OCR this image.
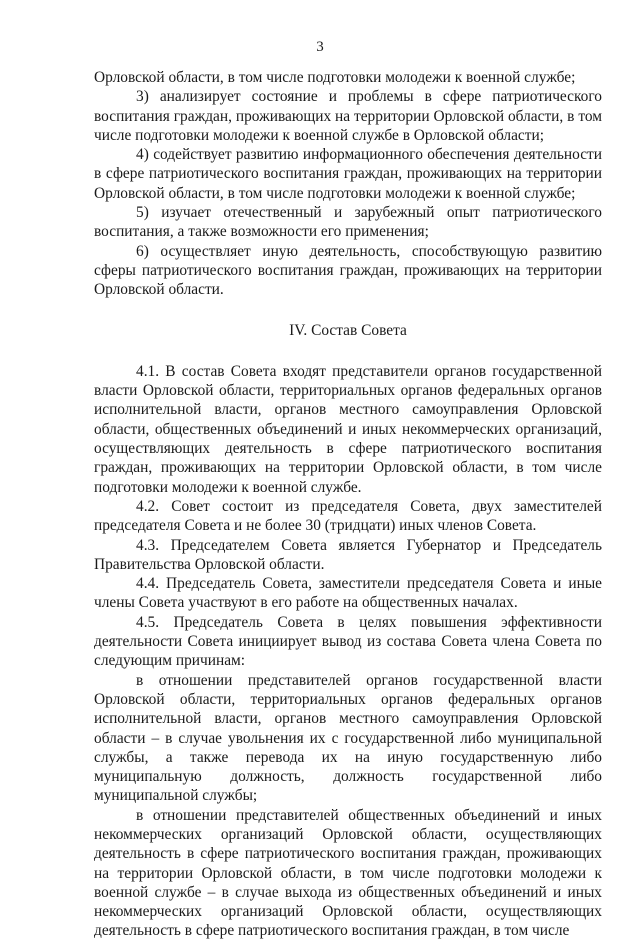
3

Орловской области, в том числе подготовки молодежи к военной службе;

3) анализирует состояние и проблемы в сфере патриотического воспитания граждан, проживающих на территории Орловской области, в том числе подготовки молодежи к военной службе в Орловской области;

4) содействует развитию информационного обеспечения деятельности в сфере патриотического воспитания граждан, проживающих на территории Орловской области, в том числе подготовки молодежи к военной службе;

5) изучает отечественный и зарубежный опыт патриотического воспитания, а также возможности его применения;

6) осуществляет иную деятельность, способствующую развитию сферы патриотического воспитания граждан, проживающих на территории Орловской области.

IV. Состав Совета

4.1. В состав Совета входят представители органов государственной власти Орловской области, территориальных органов федеральных органов исполнительной власти, органов местного самоуправления Орловской области, общественных объединений и иных некоммерческих организаций, осуществляющих деятельность в сфере патриотического воспитания граждан, проживающих на территории Орловской области, в том числе подготовки молодежи к военной службе.

4.2. Совет состоит из председателя Совета, двух заместителей председателя Совета и не более 30 (тридцати) иных членов Совета.

4.3. Председателем Совета является Губернатор и Председатель Правительства Орловской области.

4.4. Председатель Совета, заместители председателя Совета и иные члены Совета участвуют в его работе на общественных началах.

4.5. Председатель Совета в целях повышения эффективности деятельности Совета инициирует вывод из состава Совета члена Совета по следующим причинам:

в отношении представителей органов государственной власти Орловской области, территориальных органов федеральных органов исполнительной власти, органов местного самоуправления Орловской области – в случае увольнения их с государственной либо муниципальной службы, а также перевода их на иную государственную либо муниципальную должность, должность государственной либо муниципальной службы;

в отношении представителей общественных объединений и иных некоммерческих организаций Орловской области, осуществляющих деятельность в сфере патриотического воспитания граждан, проживающих на территории Орловской области, в том числе подготовки молодежи к военной службе – в случае выхода из общественных объединений и иных некоммерческих организаций Орловской области, осуществляющих деятельность в сфере патриотического воспитания граждан, в том числе
